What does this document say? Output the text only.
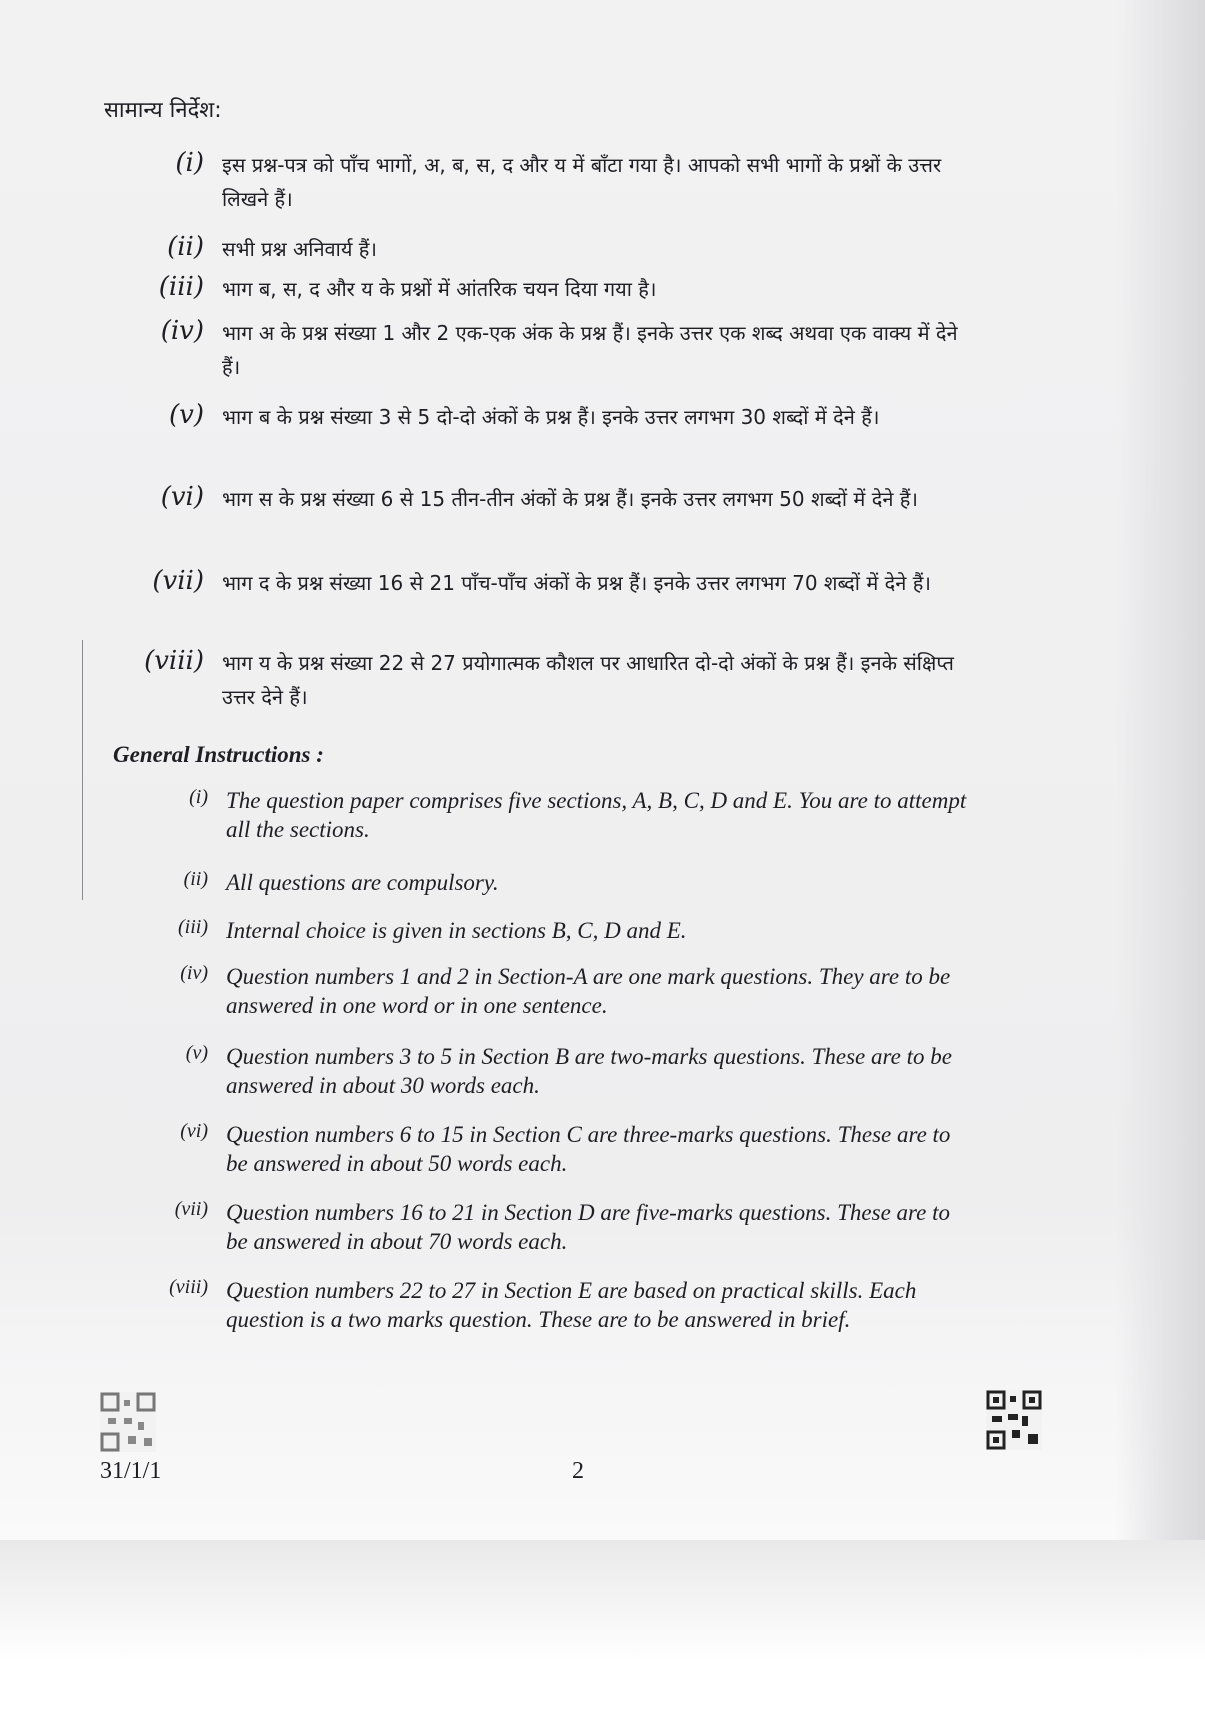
सामान्य निर्देश:
(i) इस प्रश्न-पत्र को पाँच भागों, अ, ब, स, द और य में बाँटा गया है। आपको सभी भागों के प्रश्नों के उत्तर लिखने हैं।
(ii) सभी प्रश्न अनिवार्य हैं।
(iii) भाग ब, स, द और य के प्रश्नों में आंतरिक चयन दिया गया है।
(iv) भाग अ के प्रश्न संख्या 1 और 2 एक-एक अंक के प्रश्न हैं। इनके उत्तर एक शब्द अथवा एक वाक्य में देने हैं।
(v) भाग ब के प्रश्न संख्या 3 से 5 दो-दो अंकों के प्रश्न हैं। इनके उत्तर लगभग 30 शब्दों में देने हैं।
(vi) भाग स के प्रश्न संख्या 6 से 15 तीन-तीन अंकों के प्रश्न हैं। इनके उत्तर लगभग 50 शब्दों में देने हैं।
(vii) भाग द के प्रश्न संख्या 16 से 21 पाँच-पाँच अंकों के प्रश्न हैं। इनके उत्तर लगभग 70 शब्दों में देने हैं।
(viii) भाग य के प्रश्न संख्या 22 से 27 प्रयोगात्मक कौशल पर आधारित दो-दो अंकों के प्रश्न हैं। इनके संक्षिप्त उत्तर देने हैं।
General Instructions :
(i) The question paper comprises five sections, A, B, C, D and E. You are to attempt all the sections.
(ii) All questions are compulsory.
(iii) Internal choice is given in sections B, C, D and E.
(iv) Question numbers 1 and 2 in Section-A are one mark questions. They are to be answered in one word or in one sentence.
(v) Question numbers 3 to 5 in Section B are two-marks questions. These are to be answered in about 30 words each.
(vi) Question numbers 6 to 15 in Section C are three-marks questions. These are to be answered in about 50 words each.
(vii) Question numbers 16 to 21 in Section D are five-marks questions. These are to be answered in about 70 words each.
(viii) Question numbers 22 to 27 in Section E are based on practical skills. Each question is a two marks question. These are to be answered in brief.
31/1/1	2
